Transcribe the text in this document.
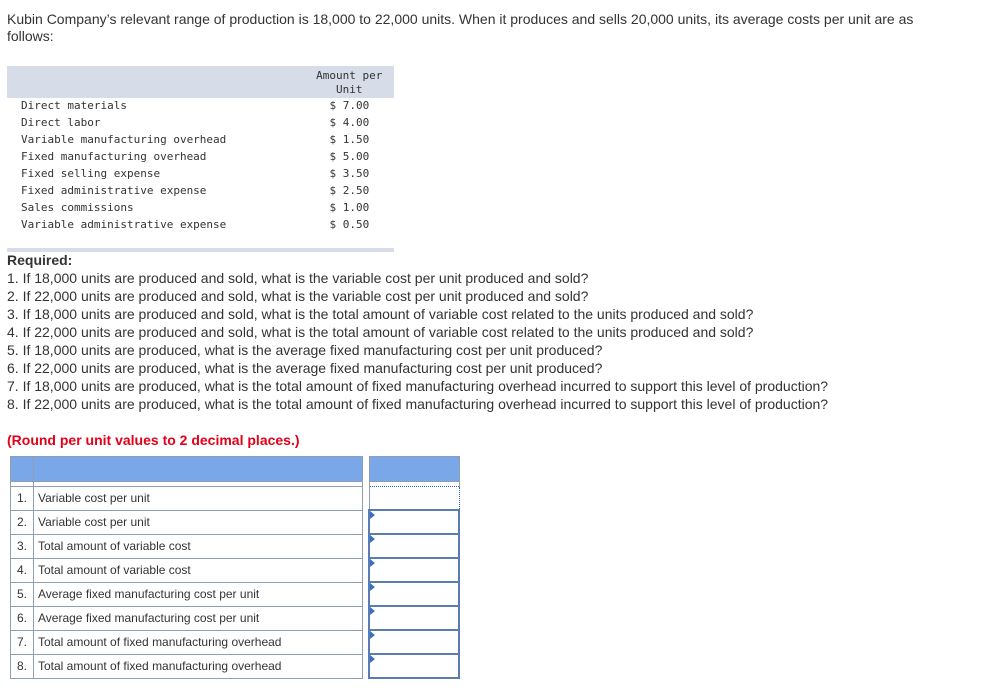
Kubin Company’s relevant range of production is 18,000 to 22,000 units. When it produces and sells 20,000 units, its average costs per unit are as follows:

	Amount per
Unit

Direct materials	$ 7.00
Direct labor	$ 4.00
Variable manufacturing overhead	$ 1.50
Fixed manufacturing overhead	$ 5.00
Fixed selling expense	$ 3.50
Fixed administrative expense	$ 2.50
Sales commissions	$ 1.00
Variable administrative expense	$ 0.50

Required:
1. If 18,000 units are produced and sold, what is the variable cost per unit produced and sold?
2. If 22,000 units are produced and sold, what is the variable cost per unit produced and sold?
3. If 18,000 units are produced and sold, what is the total amount of variable cost related to the units produced and sold?
4. If 22,000 units are produced and sold, what is the total amount of variable cost related to the units produced and sold?
5. If 18,000 units are produced, what is the average fixed manufacturing cost per unit produced?
6. If 22,000 units are produced, what is the average fixed manufacturing cost per unit produced?
7. If 18,000 units are produced, what is the total amount of fixed manufacturing overhead incurred to support this level of production?
8. If 22,000 units are produced, what is the total amount of fixed manufacturing overhead incurred to support this level of production?
(Round per unit values to 2 decimal places.)

1.	Variable cost per unit		
2.	Variable cost per unit		

3.	Total amount of variable cost		

4.	Total amount of variable cost		

5.	Average fixed manufacturing cost per unit		

6.	Average fixed manufacturing cost per unit		

7.	Total amount of fixed manufacturing overhead		

8.	Total amount of fixed manufacturing overhead		
